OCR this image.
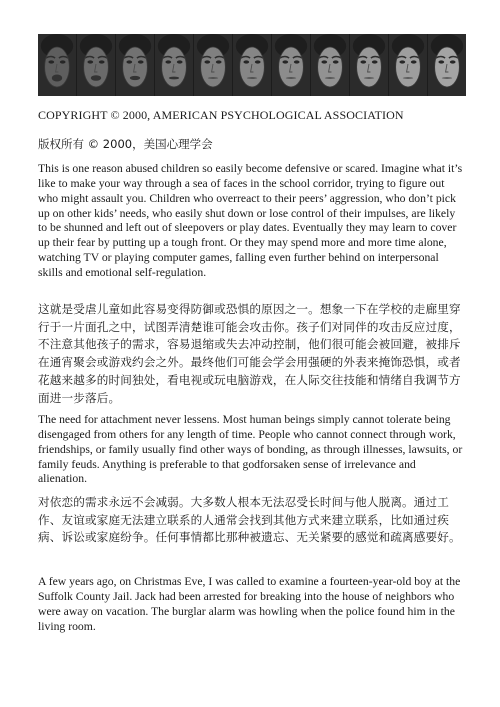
COPYRIGHT © 2000, AMERICAN PSYCHOLOGICAL ASSOCIATION
版权所有 © 2000，美国心理学会

This is one reason abused children so easily become defensive or scared. Imagine what it’s like to make your way through a sea of faces in the school corridor, trying to figure out who might assault you. Children who overreact to their peers’ aggression, who don’t pick up on other kids’ needs, who easily shut down or lose control of their impulses, are likely to be shunned and left out of sleepovers or play dates. Eventually they may learn to cover up their fear by putting up a tough front. Or they may spend more and more time alone, watching TV or playing computer games, falling even further behind on interpersonal skills and emotional self-regulation.

这就是受虐儿童如此容易变得防御或恐惧的原因之一。想象一下在学校的走廊里穿行于一片面孔之中，试图弄清楚谁可能会攻击你。孩子们对同伴的攻击反应过度，不注意其他孩子的需求，容易退缩或失去冲动控制，他们很可能会被回避，被排斥在通宵聚会或游戏约会之外。最终他们可能会学会用强硬的外表来掩饰恐惧，或者花越来越多的时间独处，看电视或玩电脑游戏，在人际交往技能和情绪自我调节方面进一步落后。

The need for attachment never lessens. Most human beings simply cannot tolerate being disengaged from others for any length of time. People who cannot connect through work, friendships, or family usually find other ways of bonding, as through illnesses, lawsuits, or family feuds. Anything is preferable to that godforsaken sense of irrelevance and alienation.

对依恋的需求永远不会减弱。大多数人根本无法忍受长时间与他人脱离。通过工作、友谊或家庭无法建立联系的人通常会找到其他方式来建立联系，比如通过疾病、诉讼或家庭纷争。任何事情都比那种被遗忘、无关紧要的感觉和疏离感要好。

A few years ago, on Christmas Eve, I was called to examine a fourteen-year-old boy at the Suffolk County Jail. Jack had been arrested for breaking into the house of neighbors who were away on vacation. The burglar alarm was howling when the police found him in the living room.
